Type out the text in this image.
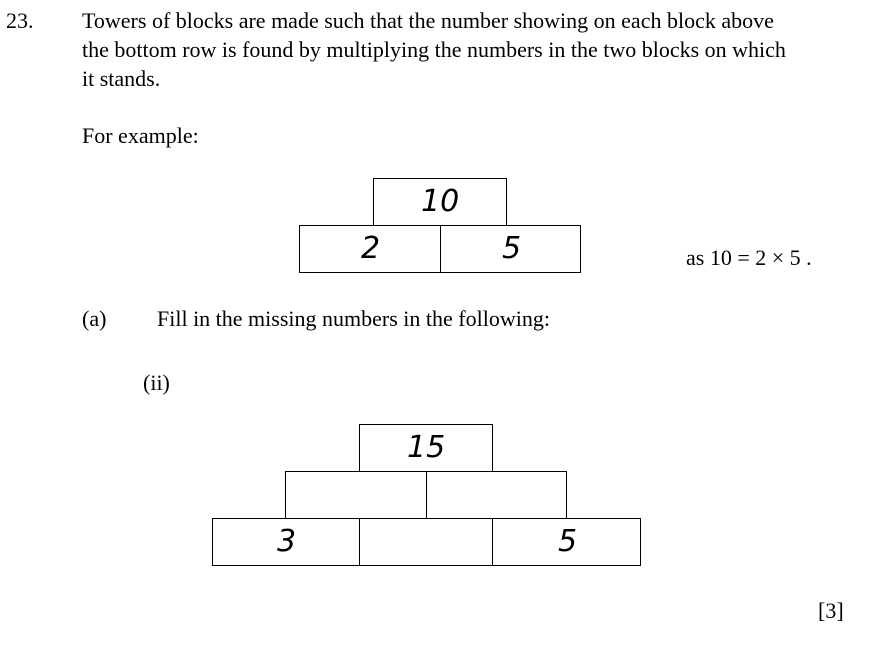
23. Towers of blocks are made such that the number showing on each block above
the bottom row is found by multiplying the numbers in the two blocks on which
it stands.
For example:
10
2	5	as 10 = 2 × 5 .
(a) Fill in the missing numbers in the following:
(ii)
15
3	5
[3]
